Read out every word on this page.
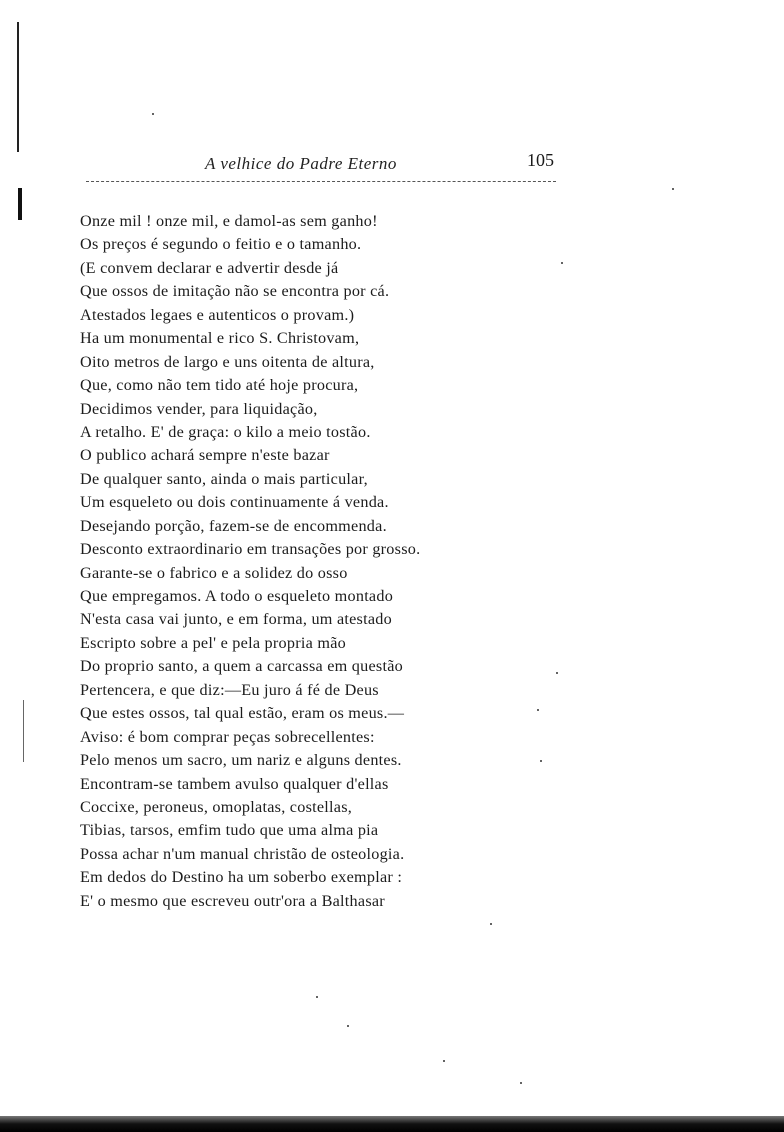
A velhice do Padre Eterno	105
Onze mil ! onze mil, e damol-as sem ganho!
Os preços é segundo o feitio e o tamanho.
(E convem declarar e advertir desde já
Que ossos de imitação não se encontra por cá.
Atestados legaes e autenticos o provam.)
Ha um monumental e rico S. Christovam,
Oito metros de largo e uns oitenta de altura,
Que, como não tem tido até hoje procura,
Decidimos vender, para liquidação,
A retalho. E' de graça: o kilo a meio tostão.
O publico achará sempre n'este bazar
De qualquer santo, ainda o mais particular,
Um esqueleto ou dois continuamente á venda.
Desejando porção, fazem-se de encommenda.
Desconto extraordinario em transações por grosso.
Garante-se o fabrico e a solidez do osso
Que empregamos. A todo o esqueleto montado
N'esta casa vai junto, e em forma, um atestado
Escripto sobre a pel' e pela propria mão
Do proprio santo, a quem a carcassa em questão
Pertencera, e que diz:—Eu juro á fé de Deus
Que estes ossos, tal qual estão, eram os meus.—
Aviso: é bom comprar peças sobrecellentes:
Pelo menos um sacro, um nariz e alguns dentes.
Encontram-se tambem avulso qualquer d'ellas
Coccixe, peroneus, omoplatas, costellas,
Tibias, tarsos, emfim tudo que uma alma pia
Possa achar n'um manual christão de osteologia.
Em dedos do Destino ha um soberbo exemplar :
E' o mesmo que escreveu outr'ora a Balthasar
